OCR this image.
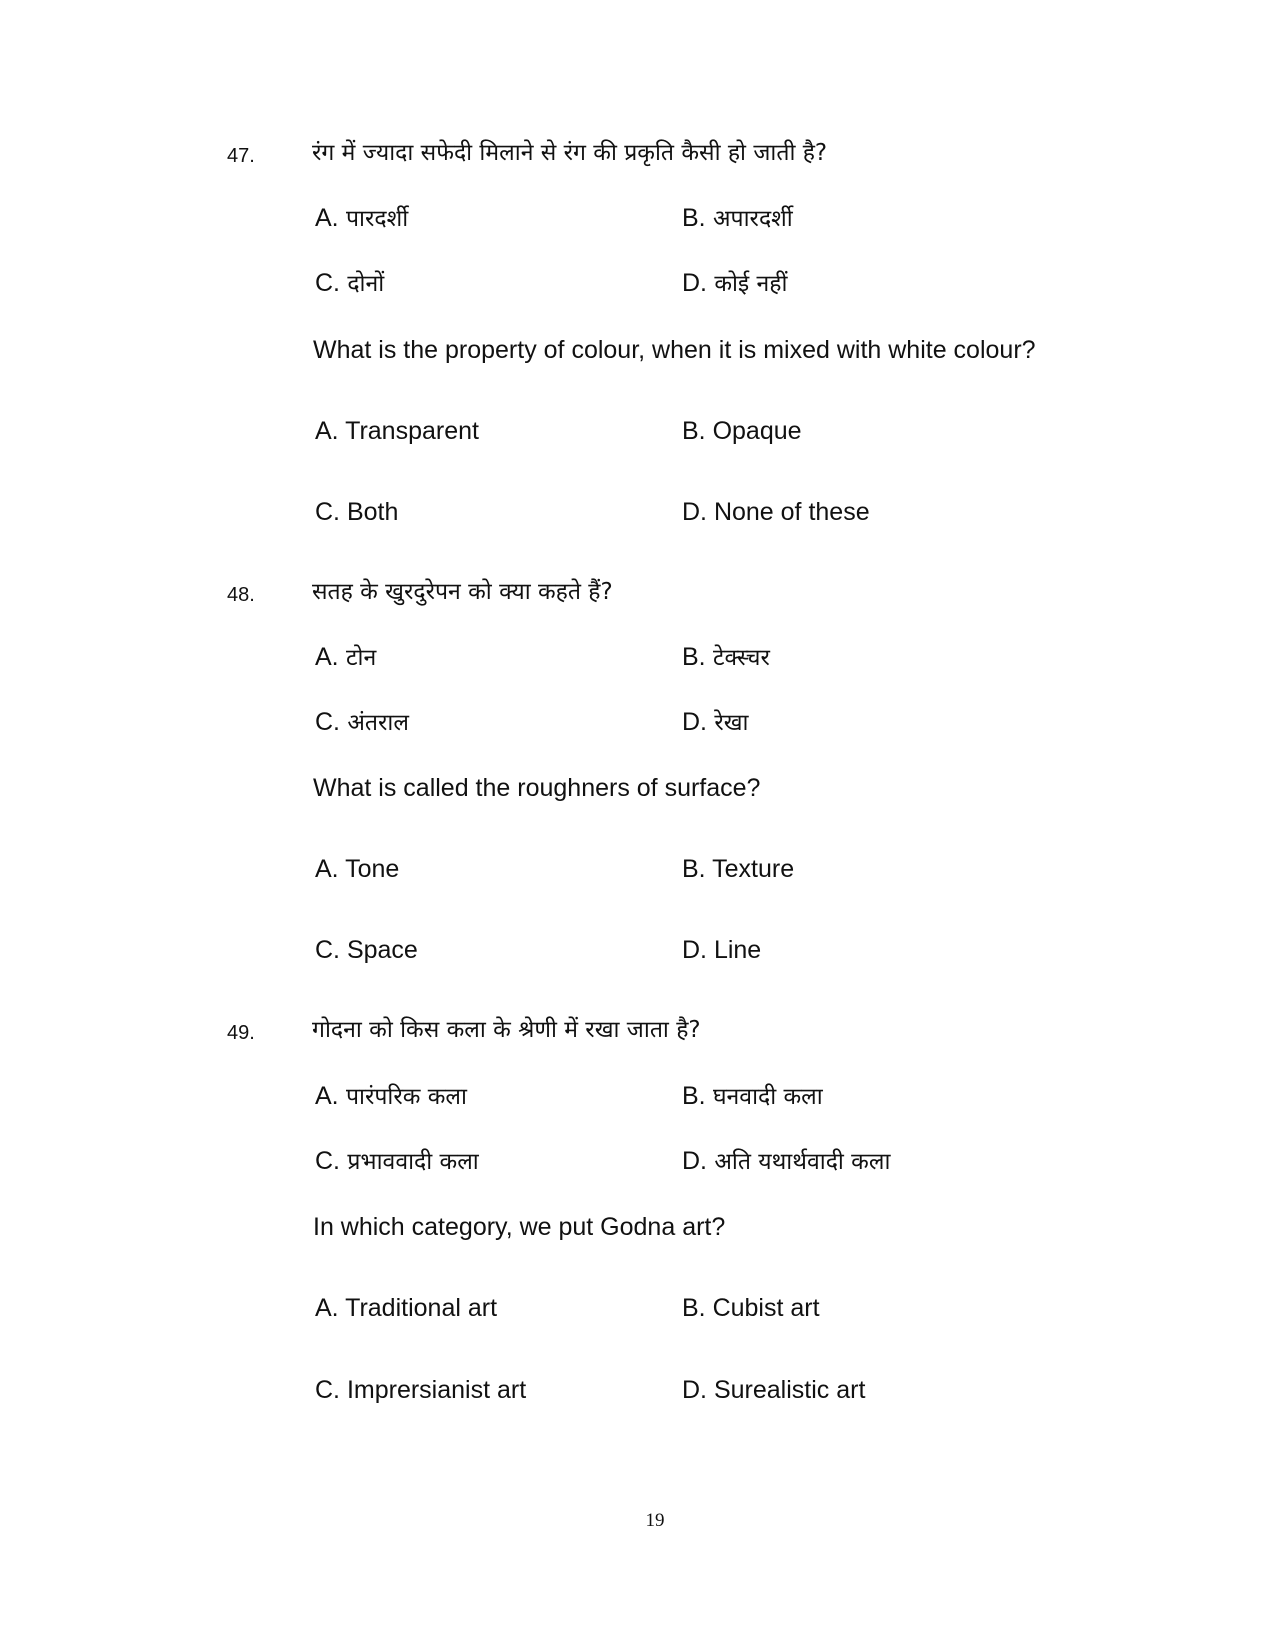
47. रंग में ज्यादा सफेदी मिलाने से रंग की प्रकृति कैसी हो जाती है?
A. पारदर्शी	B. अपारदर्शी
C. दोनों	D. कोई नहीं
What is the property of colour, when it is mixed with white colour?
A. Transparent	B. Opaque
C. Both	D. None of these
48. सतह के खुरदुरेपन को क्या कहते हैं?
A. टोन	B. टेक्स्चर
C. अंतराल	D. रेखा
What is called the roughners of surface?
A. Tone	B. Texture
C. Space	D. Line
49. गोदना को किस कला के श्रेणी में रखा जाता है?
A. पारंपरिक कला	B. घनवादी कला
C. प्रभाववादी कला	D. अति यथार्थवादी कला
In which category, we put Godna art?
A. Traditional art	B. Cubist art
C. Imprersianist art	D. Surealistic art
19
